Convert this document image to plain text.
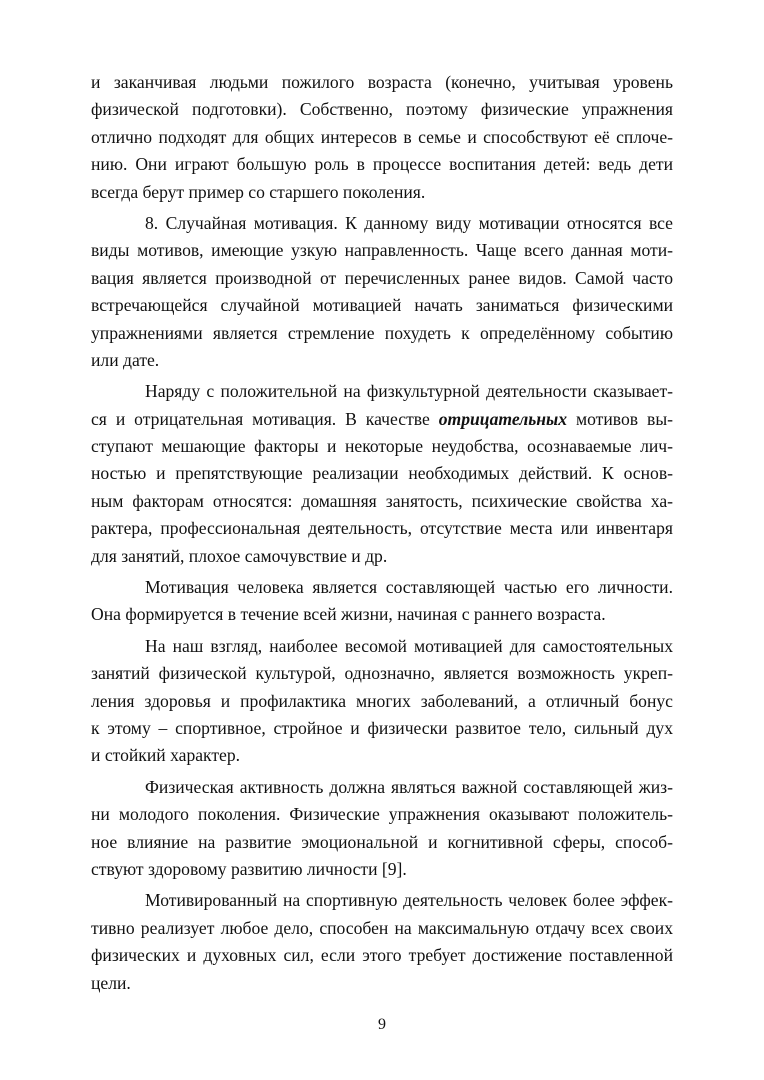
и заканчивая людьми пожилого возраста (конечно, учитывая уровень
физической подготовки). Собственно, поэтому физические упражнения
отлично подходят для общих интересов в семье и способствуют её сплоче-
нию. Они играют большую роль в процессе воспитания детей: ведь дети
всегда берут пример со старшего поколения.
8. Случайная мотивация. К данному виду мотивации относятся все
виды мотивов, имеющие узкую направленность. Чаще всего данная моти-
вация является производной от перечисленных ранее видов. Самой часто
встречающейся случайной мотивацией начать заниматься физическими
упражнениями является стремление похудеть к определённому событию
или дате.
Наряду с положительной на физкультурной деятельности сказывает-
ся и отрицательная мотивация. В качестве отрицательных мотивов вы-
ступают мешающие факторы и некоторые неудобства, осознаваемые лич-
ностью и препятствующие реализации необходимых действий. К основ-
ным факторам относятся: домашняя занятость, психические свойства ха-
рактера, профессиональная деятельность, отсутствие места или инвентаря
для занятий, плохое самочувствие и др.
Мотивация человека является составляющей частью его личности.
Она формируется в течение всей жизни, начиная с раннего возраста.
На наш взгляд, наиболее весомой мотивацией для самостоятельных
занятий физической культурой, однозначно, является возможность укреп-
ления здоровья и профилактика многих заболеваний, а отличный бонус
к этому – спортивное, стройное и физически развитое тело, сильный дух
и стойкий характер.
Физическая активность должна являться важной составляющей жиз-
ни молодого поколения. Физические упражнения оказывают положитель-
ное влияние на развитие эмоциональной и когнитивной сферы, способ-
ствуют здоровому развитию личности [9].
Мотивированный на спортивную деятельность человек более эффек-
тивно реализует любое дело, способен на максимальную отдачу всех своих
физических и духовных сил, если этого требует достижение поставленной
цели.
9
